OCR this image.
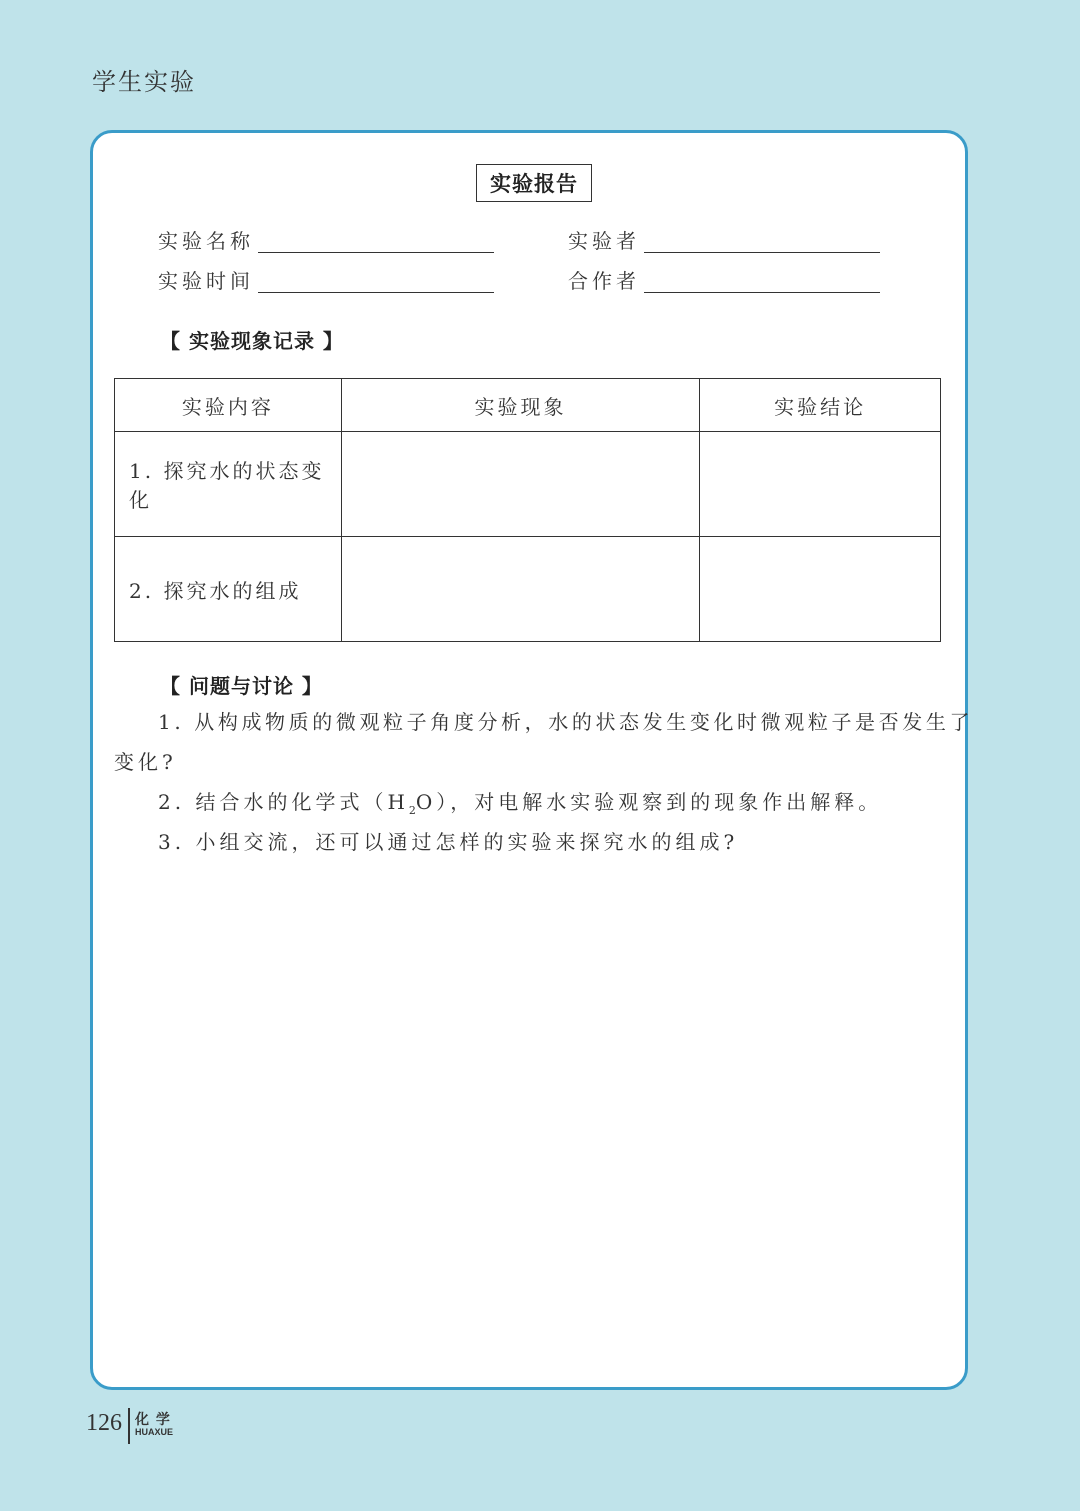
学生实验
实验报告
实验名称	实验者
实验时间	合作者
【 实验现象记录 】
实验内容	实验现象	实验结论
1. 探究水的状态变化		
2. 探究水的组成		
【 问题与讨论 】
1. 从构成物质的微观粒子角度分析，水的状态发生变化时微观粒子是否发生了
变化?
2. 结合水的化学式$(H_2O)$，对电解水实验观察到的现象作出解释。
3. 小组交流，还可以通过怎样的实验来探究水的组成?
126 化 学
HUAXUE
